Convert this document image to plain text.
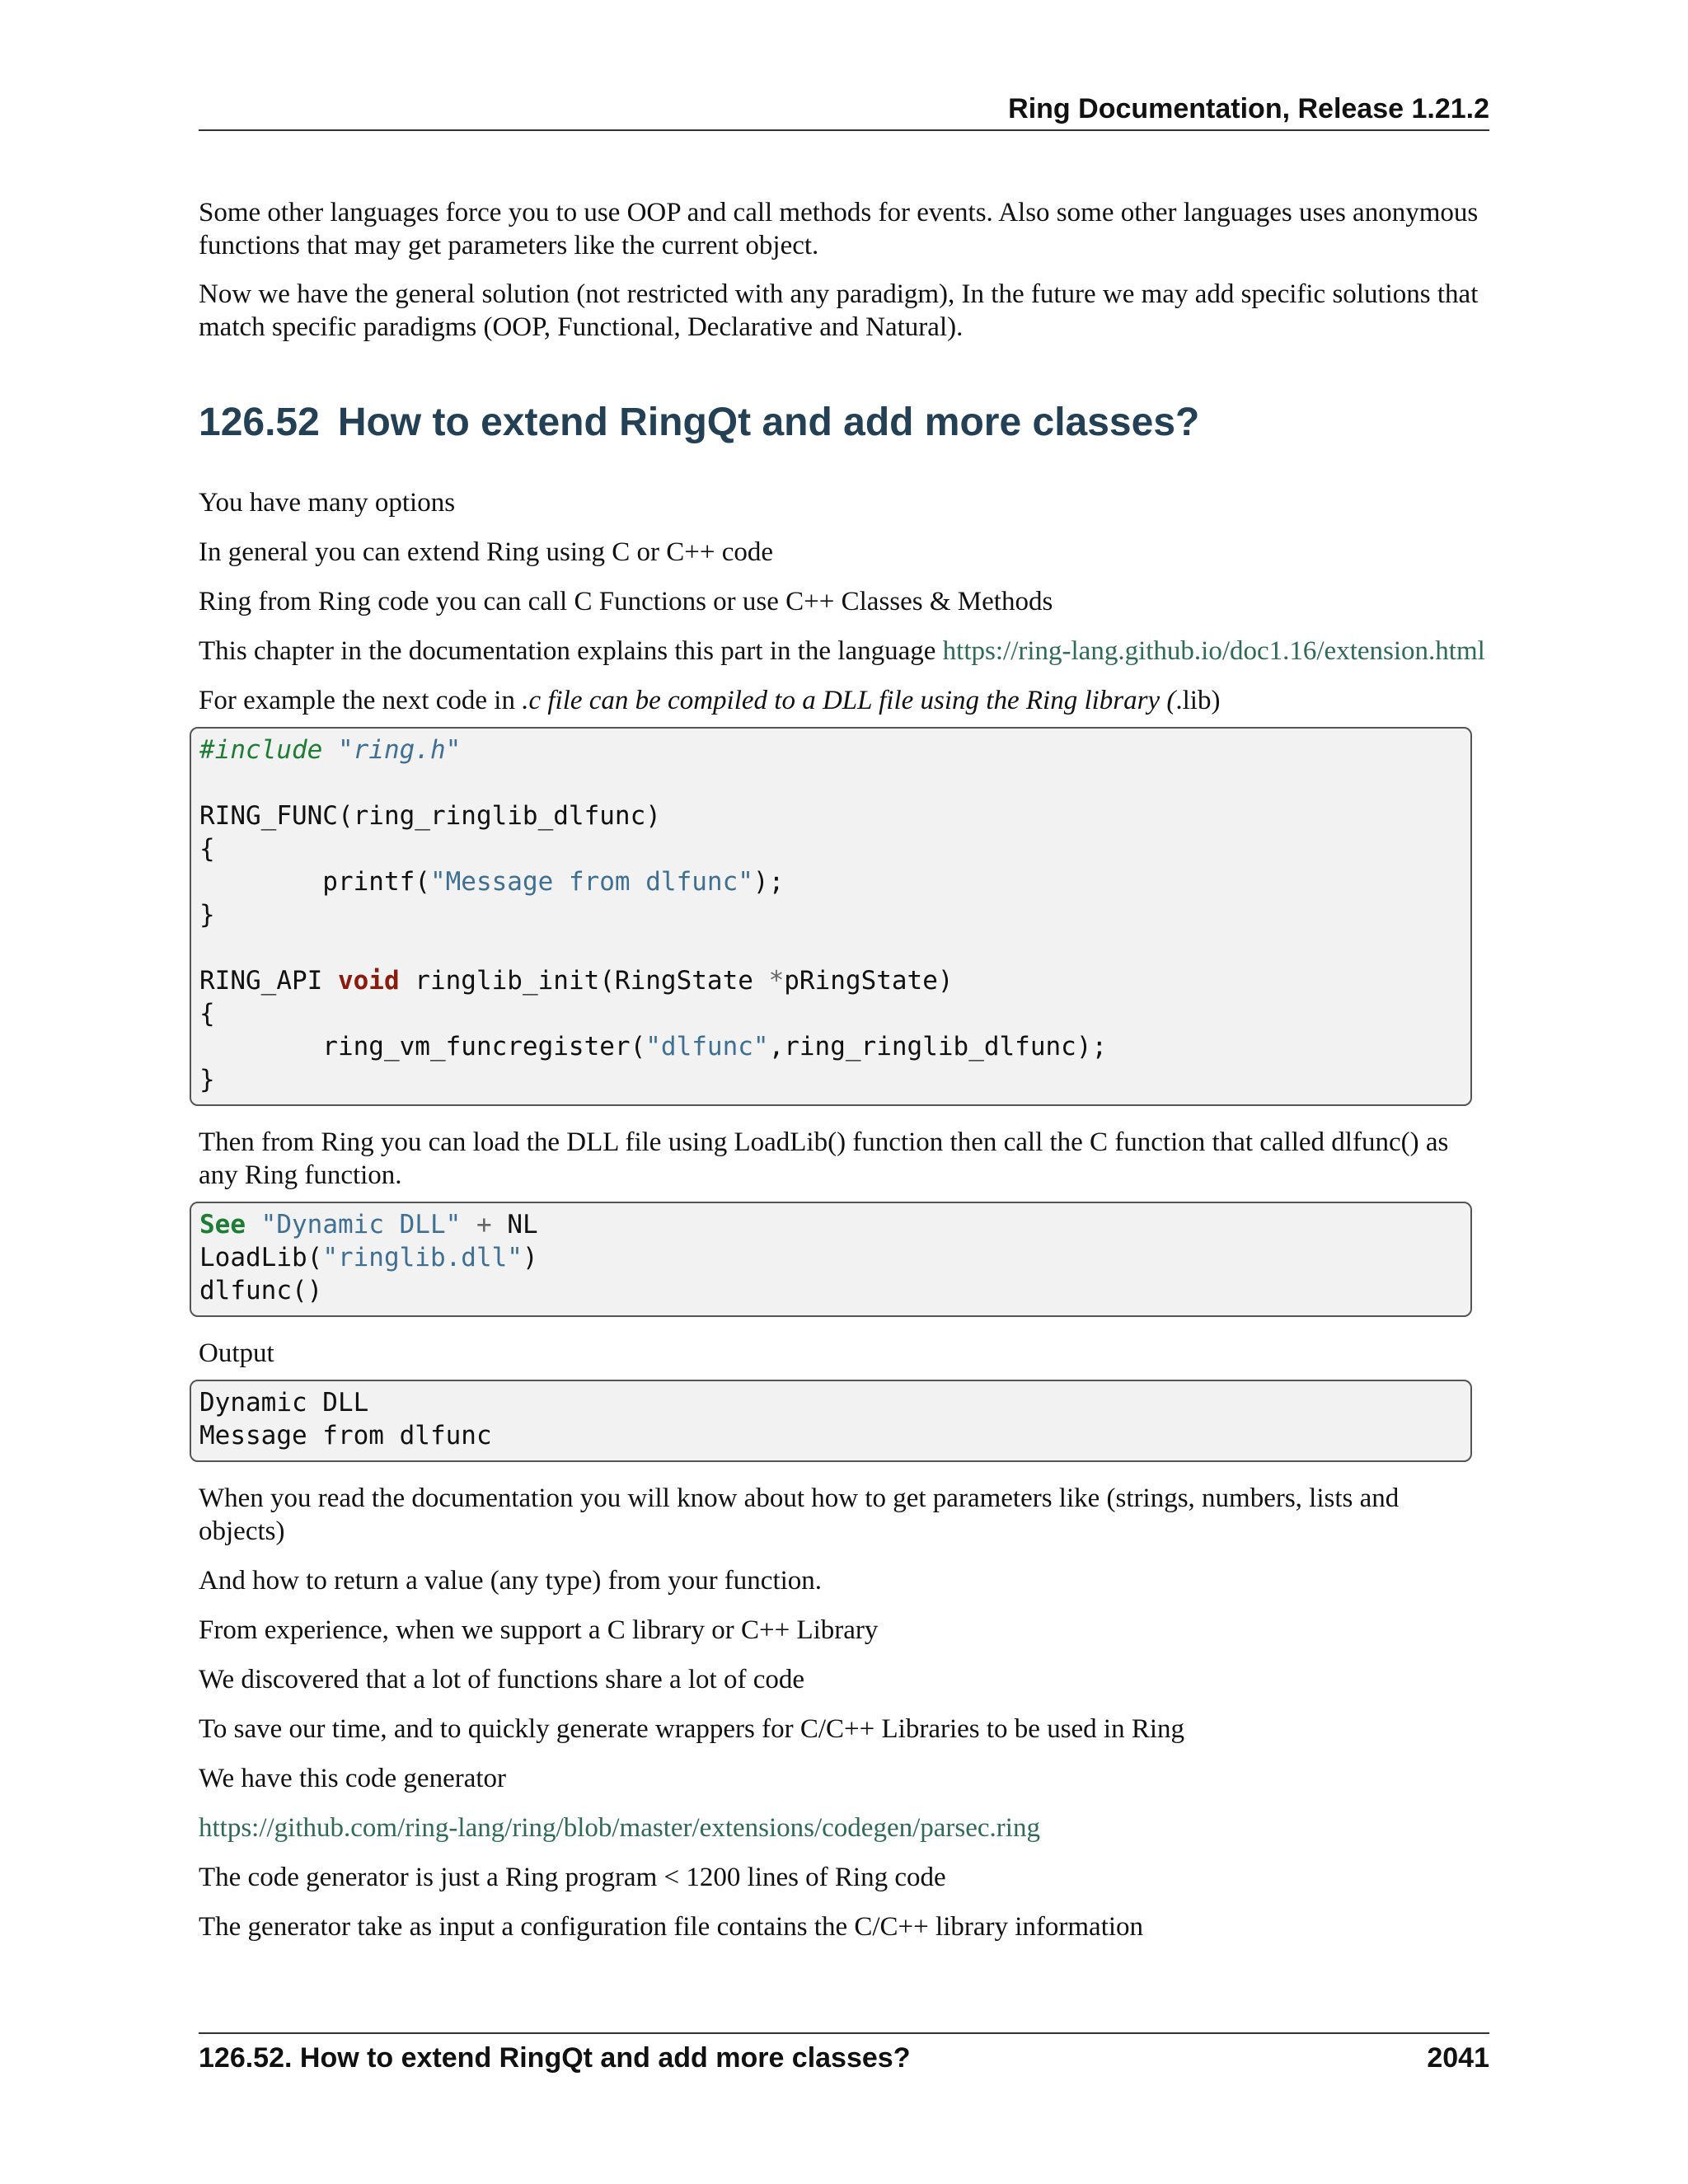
Ring Documentation, Release 1.21.2

Some other languages force you to use OOP and call methods for events. Also some other languages uses anonymous functions that may get parameters like the current object.

Now we have the general solution (not restricted with any paradigm), In the future we may add specific solutions that match specific paradigms (OOP, Functional, Declarative and Natural).

126.52 How to extend RingQt and add more classes?

You have many options

In general you can extend Ring using C or C++ code

Ring from Ring code you can call C Functions or use C++ Classes & Methods

This chapter in the documentation explains this part in the language https://ring-lang.github.io/doc1.16/extension.html

For example the next code in .c file can be compiled to a DLL file using the Ring library (.lib)

#include "ring.h"

RING_FUNC(ring_ringlib_dlfunc)
{
printf("Message from dlfunc");
}

RING_API void ringlib_init(RingState *pRingState)
{
ring_vm_funcregister("dlfunc",ring_ringlib_dlfunc);
}

Then from Ring you can load the DLL file using LoadLib() function then call the C function that called dlfunc() as any Ring function.

See "Dynamic DLL" + NL
LoadLib("ringlib.dll")
dlfunc()

Output

Dynamic DLL
Message from dlfunc

When you read the documentation you will know about how to get parameters like (strings, numbers, lists and objects)

And how to return a value (any type) from your function.

From experience, when we support a C library or C++ Library

We discovered that a lot of functions share a lot of code

To save our time, and to quickly generate wrappers for C/C++ Libraries to be used in Ring

We have this code generator

https://github.com/ring-lang/ring/blob/master/extensions/codegen/parsec.ring

The code generator is just a Ring program < 1200 lines of Ring code

The generator take as input a configuration file contains the C/C++ library information

126.52. How to extend RingQt and add more classes?	2041
